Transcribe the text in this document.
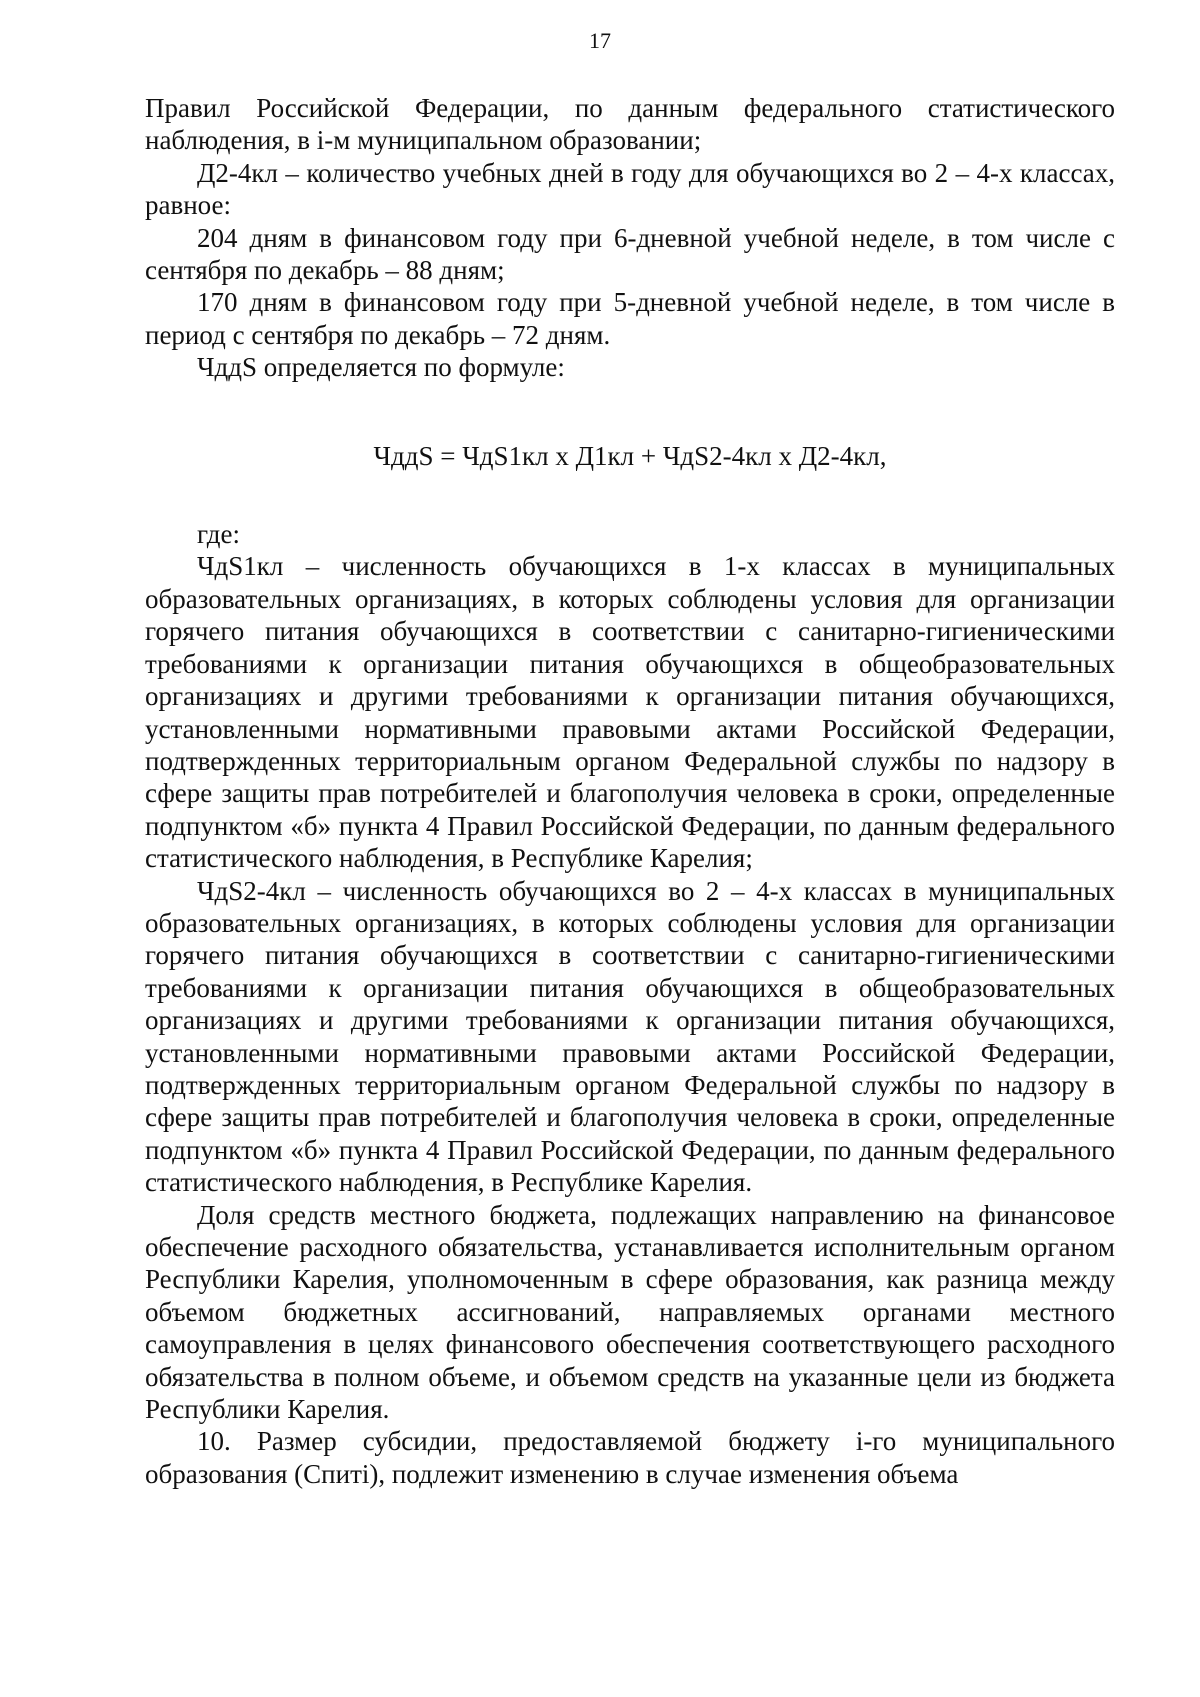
17

Правил Российской Федерации, по данным федерального статистического наблюдения, в i-м муниципальном образовании;

Д2-4кл – количество учебных дней в году для обучающихся во 2 – 4-х классах, равное:

204 дням в финансовом году при 6-дневной учебной неделе, в том числе с сентября по декабрь – 88 дням;

170 дням в финансовом году при 5-дневной учебной неделе, в том числе в период с сентября по декабрь – 72 дням.

ЧддS определяется по формуле:

ЧддS = ЧдS1кл х Д1кл + ЧдS2-4кл х Д2-4кл,

где:

ЧдS1кл – численность обучающихся в 1-х классах в муниципальных образовательных организациях, в которых соблюдены условия для организации горячего питания обучающихся в соответствии с санитарно-гигиеническими требованиями к организации питания обучающихся в общеобразовательных организациях и другими требованиями к организации питания обучающихся, установленными нормативными правовыми актами Российской Федерации, подтвержденных территориальным органом Федеральной службы по надзору в сфере защиты прав потребителей и благополучия человека в сроки, определенные подпунктом «б» пункта 4 Правил Российской Федерации, по данным федерального статистического наблюдения, в Республике Карелия;

ЧдS2-4кл – численность обучающихся во 2 – 4-х классах в муниципальных образовательных организациях, в которых соблюдены условия для организации горячего питания обучающихся в соответствии с санитарно-гигиеническими требованиями к организации питания обучающихся в общеобразовательных организациях и другими требованиями к организации питания обучающихся, установленными нормативными правовыми актами Российской Федерации, подтвержденных территориальным органом Федеральной службы по надзору в сфере защиты прав потребителей и благополучия человека в сроки, определенные подпунктом «б» пункта 4 Правил Российской Федерации, по данным федерального статистического наблюдения, в Республике Карелия.

Доля средств местного бюджета, подлежащих направлению на финансовое обеспечение расходного обязательства, устанавливается исполнительным органом Республики Карелия, уполномоченным в сфере образования, как разница между объемом бюджетных ассигнований, направляемых органами местного самоуправления в целях финансового обеспечения соответствующего расходного обязательства в полном объеме, и объемом средств на указанные цели из бюджета Республики Карелия.

10. Размер субсидии, предоставляемой бюджету i-го муниципального образования (Спиті), подлежит изменению в случае изменения объема
